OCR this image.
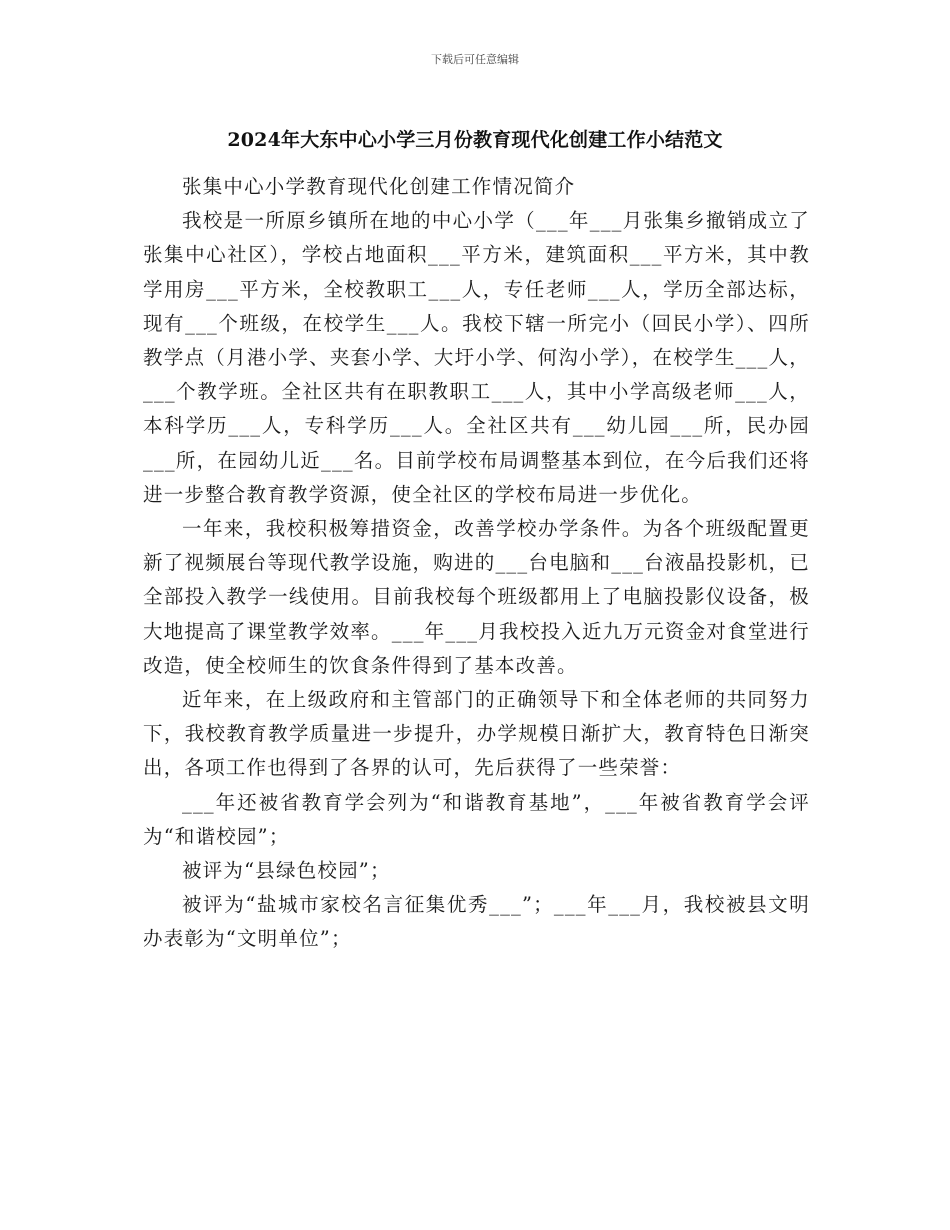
下载后可任意编辑
2024年大东中心小学三月份教育现代化创建工作小结范文

张集中心小学教育现代化创建工作情况简介

我校是一所原乡镇所在地的中心小学（___年___月张集乡撤销成立了张集中心社区），学校占地面积___平方米，建筑面积___平方米，其中教学用房___平方米，全校教职工___人，专任老师___人，学历全部达标，现有___个班级，在校学生___人。我校下辖一所完小（回民小学）、四所教学点（月港小学、夹套小学、大圩小学、何沟小学），在校学生___人，___个教学班。全社区共有在职教职工___人，其中小学高级老师___人，本科学历___人，专科学历___人。全社区共有___幼儿园___所，民办园___所，在园幼儿近___名。目前学校布局调整基本到位，在今后我们还将进一步整合教育教学资源，使全社区的学校布局进一步优化。

一年来，我校积极筹措资金，改善学校办学条件。为各个班级配置更新了视频展台等现代教学设施，购进的___台电脑和___台液晶投影机，已全部投入教学一线使用。目前我校每个班级都用上了电脑投影仪设备，极大地提高了课堂教学效率。___年___月我校投入近九万元资金对食堂进行改造，使全校师生的饮食条件得到了基本改善。

近年来，在上级政府和主管部门的正确领导下和全体老师的共同努力下，我校教育教学质量进一步提升，办学规模日渐扩大，教育特色日渐突出，各项工作也得到了各界的认可，先后获得了一些荣誉：

___年还被省教育学会列为“和谐教育基地”，___年被省教育学会评为“和谐校园”；

被评为“县绿色校园”；

被评为“盐城市家校名言征集优秀___”；___年___月，我校被县文明办表彰为“文明单位”；
